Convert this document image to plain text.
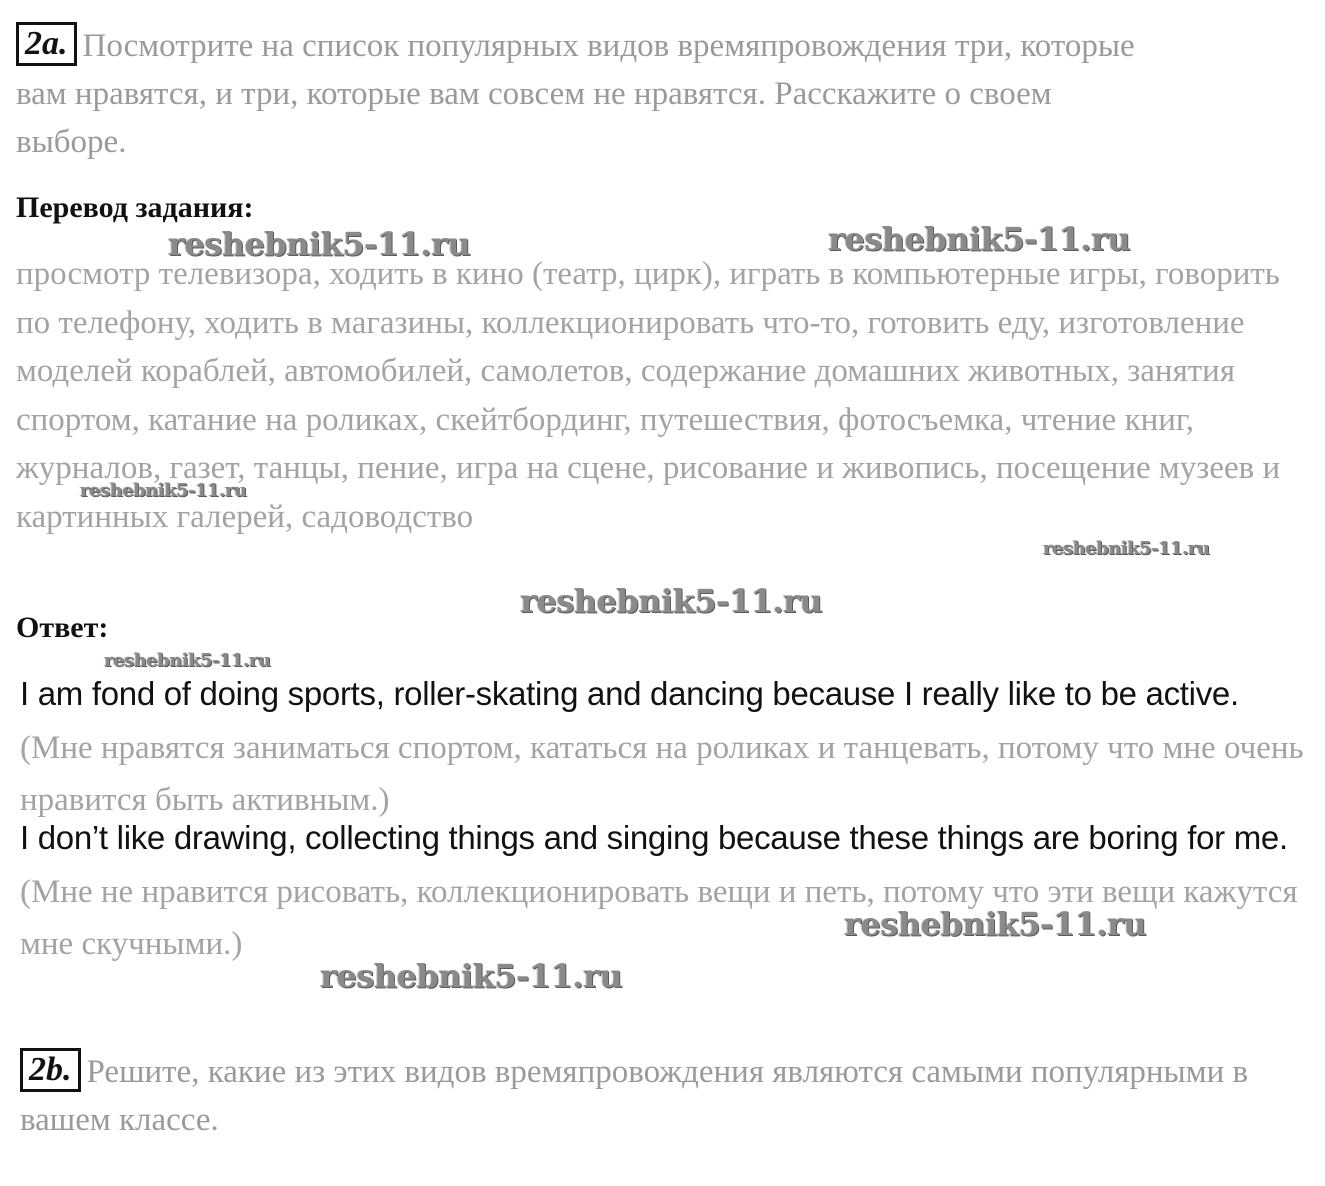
2a. Посмотрите на список популярных видов времяпровождения три, которые вам нравятся, и три, которые вам совсем не нравятся. Расскажите о своем выборе.
Перевод задания:
просмотр телевизора, ходить в кино (театр, цирк), играть в компьютерные игры, говорить по телефону, ходить в магазины, коллекционировать что-то, готовить еду, изготовление моделей кораблей, автомобилей, самолетов, содержание домашних животных, занятия спортом, катание на роликах, скейтбординг, путешествия, фотосъемка, чтение книг, журналов, газет, танцы, пение, игра на сцене, рисование и живопись, посещение музеев и картинных галерей, садоводство
Ответ:
I am fond of doing sports, roller-skating and dancing because I really like to be active. (Мне нравятся заниматься спортом, кататься на роликах и танцевать, потому что мне очень нравится быть активным.)
I don’t like drawing, collecting things and singing because these things are boring for me. (Мне не нравится рисовать, коллекционировать вещи и петь, потому что эти вещи кажутся мне скучными.)
2b. Решите, какие из этих видов времяпровождения являются самыми популярными в вашем классе.
reshebnik5-11.ru	reshebnik5-11.ru
reshebnik5-11.ru
reshebnik5-11.ru
reshebnik5-11.ru
reshebnik5-11.ru
reshebnik5-11.ru
reshebnik5-11.ru
